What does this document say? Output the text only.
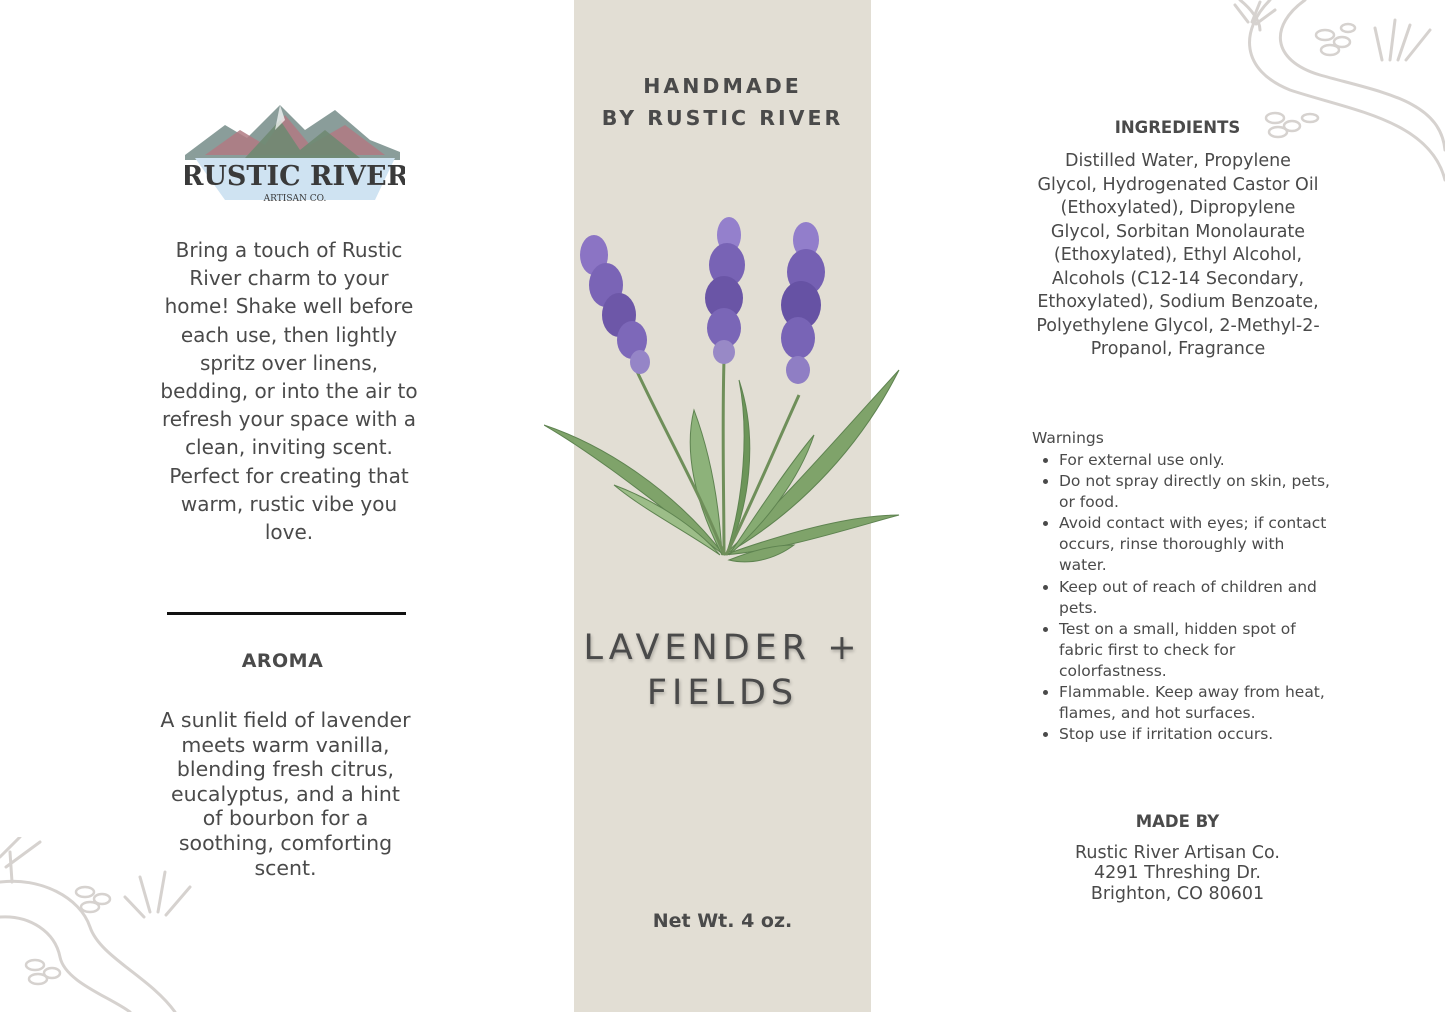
RUSTIC RIVER
ARTISAN CO.
Bring a touch of Rustic River charm to your home! Shake well before each use, then lightly spritz over linens, bedding, or into the air to refresh your space with a clean, inviting scent. Perfect for creating that warm, rustic vibe you love.
AROMA
A sunlit field of lavender meets warm vanilla, blending fresh citrus, eucalyptus, and a hint of bourbon for a soothing, comforting scent.
HANDMADE
BY RUSTIC RIVER
LAVENDER +
FIELDS
Net Wt. 4 oz.
INGREDIENTS
Distilled Water, Propylene Glycol, Hydrogenated Castor Oil (Ethoxylated), Dipropylene Glycol, Sorbitan Monolaurate (Ethoxylated), Ethyl Alcohol, Alcohols (C12-14 Secondary, Ethoxylated), Sodium Benzoate, Polyethylene Glycol, 2-Methyl-2-Propanol, Fragrance
Warnings
• For external use only.
• Do not spray directly on skin, pets, or food.
• Avoid contact with eyes; if contact occurs, rinse thoroughly with water.
• Keep out of reach of children and pets.
• Test on a small, hidden spot of fabric first to check for colorfastness.
• Flammable. Keep away from heat, flames, and hot surfaces.
• Stop use if irritation occurs.
MADE BY
Rustic River Artisan Co.
4291 Threshing Dr.
Brighton, CO 80601
